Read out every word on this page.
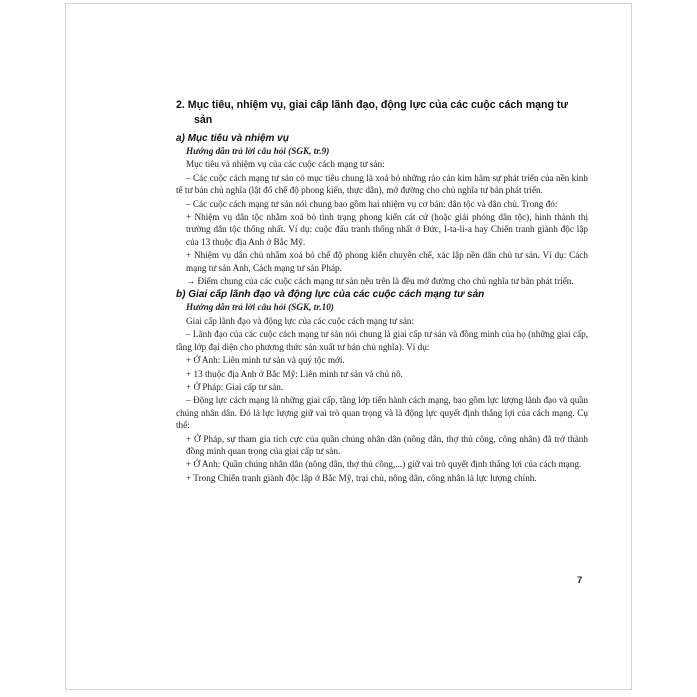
2. Mục tiêu, nhiệm vụ, giai cấp lãnh đạo, động lực của các cuộc cách mạng tư sản
a) Mục tiêu và nhiệm vụ
Hướng dẫn trả lời câu hỏi (SGK, tr.9)
Mục tiêu và nhiệm vụ của các cuộc cách mạng tư sản:
– Các cuộc cách mạng tư sản có mục tiêu chung là xoá bỏ những rào cản kìm hãm sự phát triển của nền kinh tế tư bản chủ nghĩa (lật đổ chế độ phong kiến, thực dân), mở đường cho chủ nghĩa tư bản phát triển.
– Các cuộc cách mạng tư sản nói chung bao gồm hai nhiệm vụ cơ bản: dân tộc và dân chủ. Trong đó:
+ Nhiệm vụ dân tộc nhằm xoá bỏ tình trạng phong kiến cát cứ (hoặc giải phóng dân tộc), hình thành thị trường dân tộc thống nhất. Ví dụ: cuộc đấu tranh thống nhất ở Đức, I-ta-li-a hay Chiến tranh giành độc lập của 13 thuộc địa Anh ở Bắc Mỹ.
+ Nhiệm vụ dân chủ nhằm xoá bỏ chế độ phong kiến chuyên chế, xác lập nền dân chủ tư sản. Ví dụ: Cách mạng tư sản Anh, Cách mạng tư sản Pháp.
→ Điểm chung của các cuộc cách mạng tư sản nêu trên là đều mở đường cho chủ nghĩa tư bản phát triển.
b) Giai cấp lãnh đạo và động lực của các cuộc cách mạng tư sản
Hướng dẫn trả lời câu hỏi (SGK, tr.10)
Giai cấp lãnh đạo và động lực của các cuộc cách mạng tư sản:
– Lãnh đạo của các cuộc cách mạng tư sản nói chung là giai cấp tư sản và đồng minh của họ (những giai cấp, tầng lớp đại diện cho phương thức sản xuất tư bản chủ nghĩa). Ví dụ:
+ Ở Anh: Liên minh tư sản và quý tộc mới.
+ 13 thuộc địa Anh ở Bắc Mỹ: Liên minh tư sản và chủ nô.
+ Ở Pháp: Giai cấp tư sản.
– Động lực cách mạng là những giai cấp, tầng lớp tiến hành cách mạng, bao gồm lực lượng lãnh đạo và quần chúng nhân dân. Đó là lực lượng giữ vai trò quan trọng và là động lực quyết định thắng lợi của cách mạng. Cụ thể:
+ Ở Pháp, sự tham gia tích cực của quần chúng nhân dân (nông dân, thợ thủ công, công nhân) đã trở thành đồng minh quan trọng của giai cấp tư sản.
+ Ở Anh: Quần chúng nhân dân (nông dân, thợ thủ công,...) giữ vai trò quyết định thắng lợi của cách mạng.
+ Trong Chiến tranh giành độc lập ở Bắc Mỹ, trại chủ, nông dân, công nhân là lực lượng chính.
7
